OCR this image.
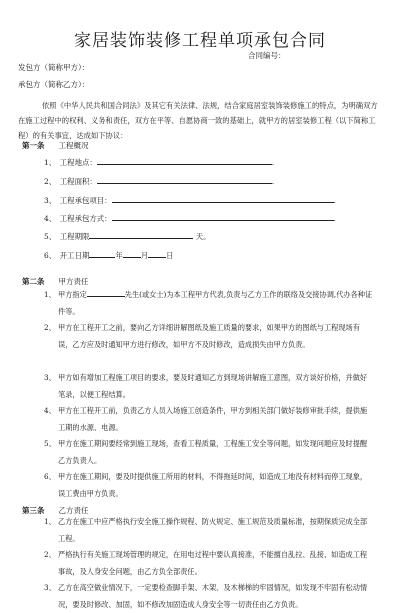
家居装饰装修工程单项承包合同
合同编号：
发包方（简称甲方）：
承包方（简称乙方）：
依照《中华人民共和国合同法》及其它有关法律、法规，结合家庭居室装饰装修施工的特点，为明确双方在施工过程中的权利、义务和责任，双方在平等、自愿协商一致的基础上，就甲方的居室装修工程（以下简称工程）的有关事宜，达成如下协议：
第一条 工程概况
1、　工程地点：	.
2、　工程面积：	.
3、　工程承包项目：	.
4、　工程承包方式：	.
5、　工程期限	天。
6、　开工日期	年 月 日
第二条 甲方责任
1、 甲方指定	先生(或女士)为本工程甲方代表,负责与乙方工作的联络及交接协调,代办各种证件等。
2、 甲方在工程开工之前，要向乙方详细讲解图纸及施工质量的要求，如果甲方的图纸与工程现场有误，乙方应及时通知甲方进行修改，如甲方不及时修改，造成损失由甲方负责。
3、 甲方如有增加工程施工项目的要求，要及时通知乙方到现场讲解施工意图，双方谈好价格，并做好笔录，以便工程结算。
4、 甲方在工程开工前，负责乙方人员入场施工创造条件，甲方到相关部门做好装修审批手续，提供施工期的水源、电源。
5、 甲方在施工期间要经常到施工现场，查看工程质量，工程施工安全等问题，如发现问题应及时提醒乙方负责人。
6、 甲方在施工期间，要及时提供施工所用的材料，不得拖延时间，如造成工地没有材料而停工现象，误工费由甲方负责。
第三条 乙方责任
1、 乙方在施工中应严格执行安全施工操作规程、防火规定、施工规范及质量标准，按期保质完成全部工程。
2、 严格执行有关施工现场管理的规定，在用电过程中要认真接准，不能擅自乱拉、乱接、如造成工程事故，及人身安全问题，由乙方负全部责任。
3、 乙方在高空做业情况下，一定要检查脚手架、木架、及木梯梯的牢固情况，如发现不牢固有松动情况，要及时修改、加固，如不修改加固造成人身安全等一切责任由乙方负责。
